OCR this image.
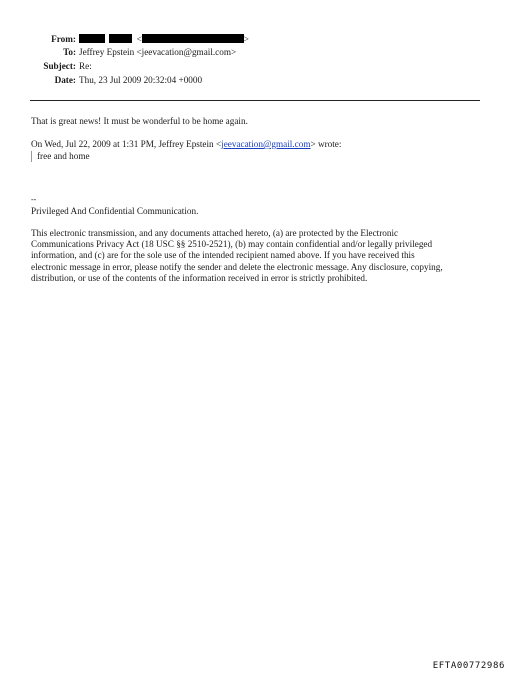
From:	<	>
To: Jeffrey Epstein <jeevacation@gmail.com>
Subject: Re:
Date: Thu, 23 Jul 2009 20:32:04 +0000
That is great news! It must be wonderful to be home again.
On Wed, Jul 22, 2009 at 1:31 PM, Jeffrey Epstein <jeevacation@gmail.com> wrote:
free and home
--
Privileged And Confidential Communication.
This electronic transmission, and any documents attached hereto, (a) are protected by the Electronic
Communications Privacy Act (18 USC §§ 2510-2521), (b) may contain confidential and/or legally privileged
information, and (c) are for the sole use of the intended recipient named above. If you have received this
electronic message in error, please notify the sender and delete the electronic message. Any disclosure, copying,
distribution, or use of the contents of the information received in error is strictly prohibited.
EFTA00772986
